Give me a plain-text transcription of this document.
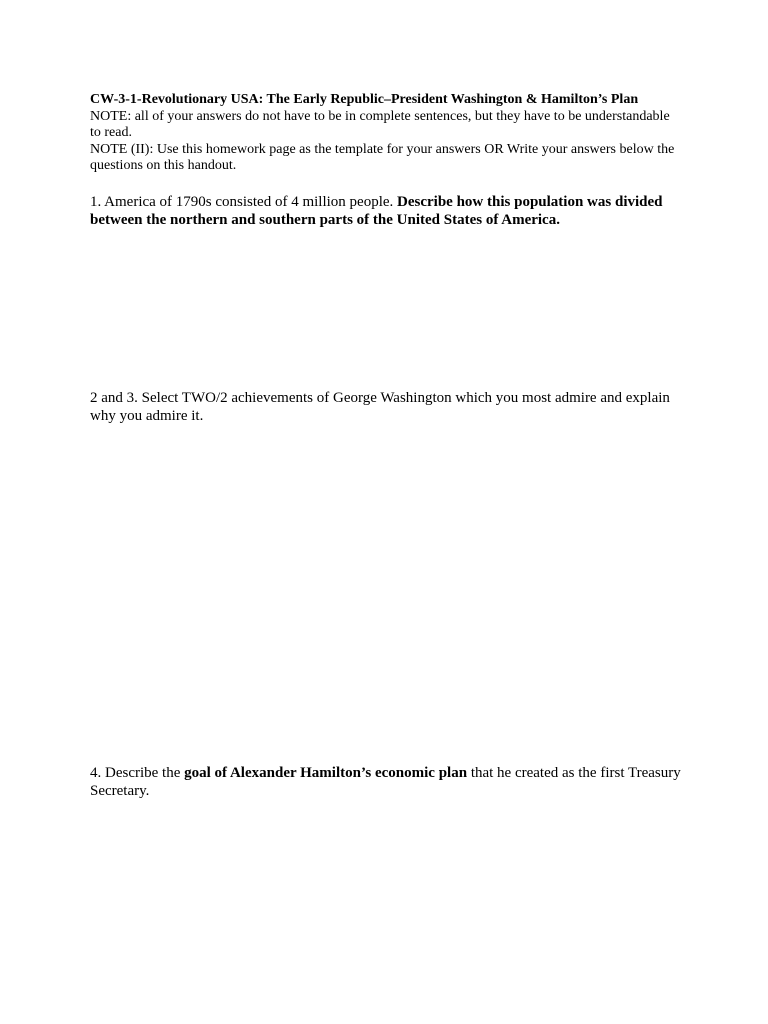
CW-3-1-Revolutionary USA: The Early Republic–President Washington & Hamilton’s Plan
NOTE: all of your answers do not have to be in complete sentences, but they have to be understandable to read.
NOTE (II): Use this homework page as the template for your answers OR Write your answers below the questions on this handout.
1. America of 1790s consisted of 4 million people. Describe how this population was divided between the northern and southern parts of the United States of America.
2 and 3. Select TWO/2 achievements of George Washington which you most admire and explain why you admire it.
4. Describe the goal of Alexander Hamilton’s economic plan that he created as the first Treasury Secretary.
